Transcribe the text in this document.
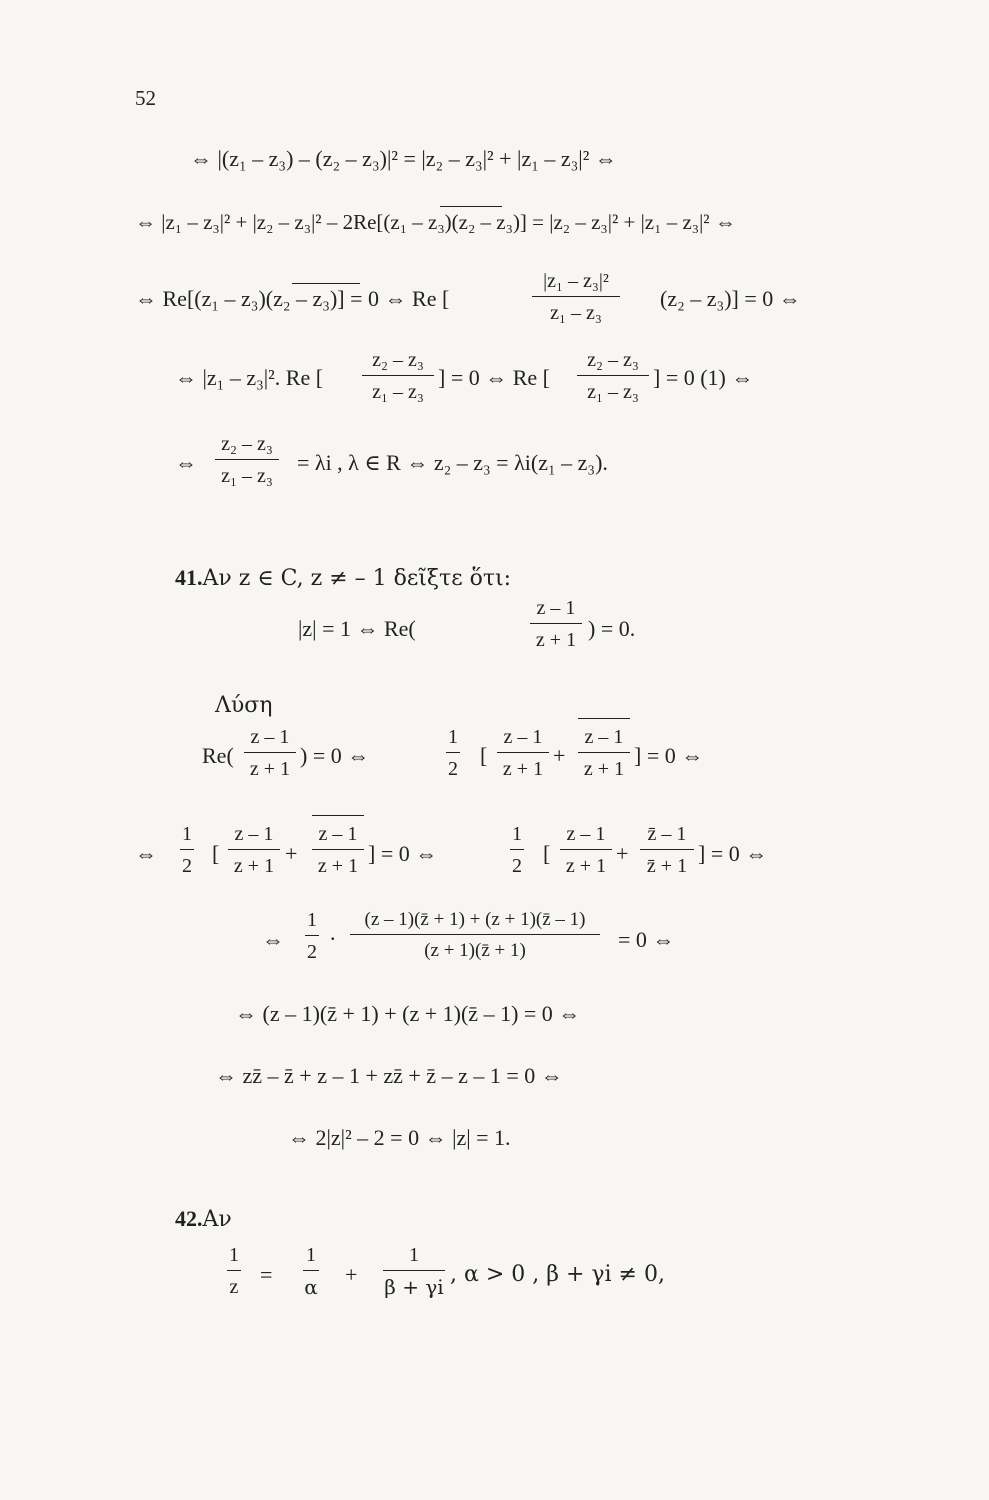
52
⇔ |(z₁ – z₃) – (z₂ – z₃)|² = |z₂ – z₃|² + |z₁ – z₃|² ⇔
⇔ |z₁ – z₃|² + |z₂ – z₃|² – 2Re[(z₁ – z₃)(z₂ – z₃)] = |z₂ – z₃|² + |z₁ – z₃|² ⇔
⇔ Re[(z₁ – z₃)(z₂ – z₃)] = 0 ⇔ Re [
|z₁ – z₃|²
z₁ – z₃
(z₂ – z₃)] = 0 ⇔
⇔ |z₁ – z₃|². Re [
z₂ – z₃
z₁ – z₃
] = 0 ⇔ Re [
z₂ – z₃
z₁ – z₃
] = 0 (1) ⇔
⇔
z₂ – z₃
z₁ – z₃
= λi , λ ∈ R ⇔ z₂ – z₃ = λi(z₁ – z₃).
41.Αν z ∈ C, z ≠ – 1 δεῖξτε ὅτι:
|z| = 1 ⇔ Re(
z – 1
z + 1 ) = 0.
Λύση
Re(
z – 1
z + 1
) = 0 ⇔
1
2
[
z – 1
z + 1
+
z – 1
z + 1
] = 0 ⇔
⇔
1
2 [
z – 1
z + 1 +
z – 1
z + 1 ] = 0 ⇔
1
2 [
z – 1
z + 1 +
z̄ – 1
z̄ + 1 ] = 0 ⇔
⇔
1
2
.
(z – 1)(z̄ + 1) + (z + 1)(z̄ – 1)
(z + 1)(z̄ + 1)	= 0 ⇔
⇔ (z – 1)(z̄ + 1) + (z + 1)(z̄ – 1) = 0 ⇔
⇔ zz̄ – z̄ + z – 1 + zz̄ + z̄ – z – 1 = 0 ⇔
⇔ 2|z|² – 2 = 0 ⇔ |z| = 1.
42.Αν
1
z =
1
α +
1
β + γi , α > 0 , β + γi ≠ 0,
